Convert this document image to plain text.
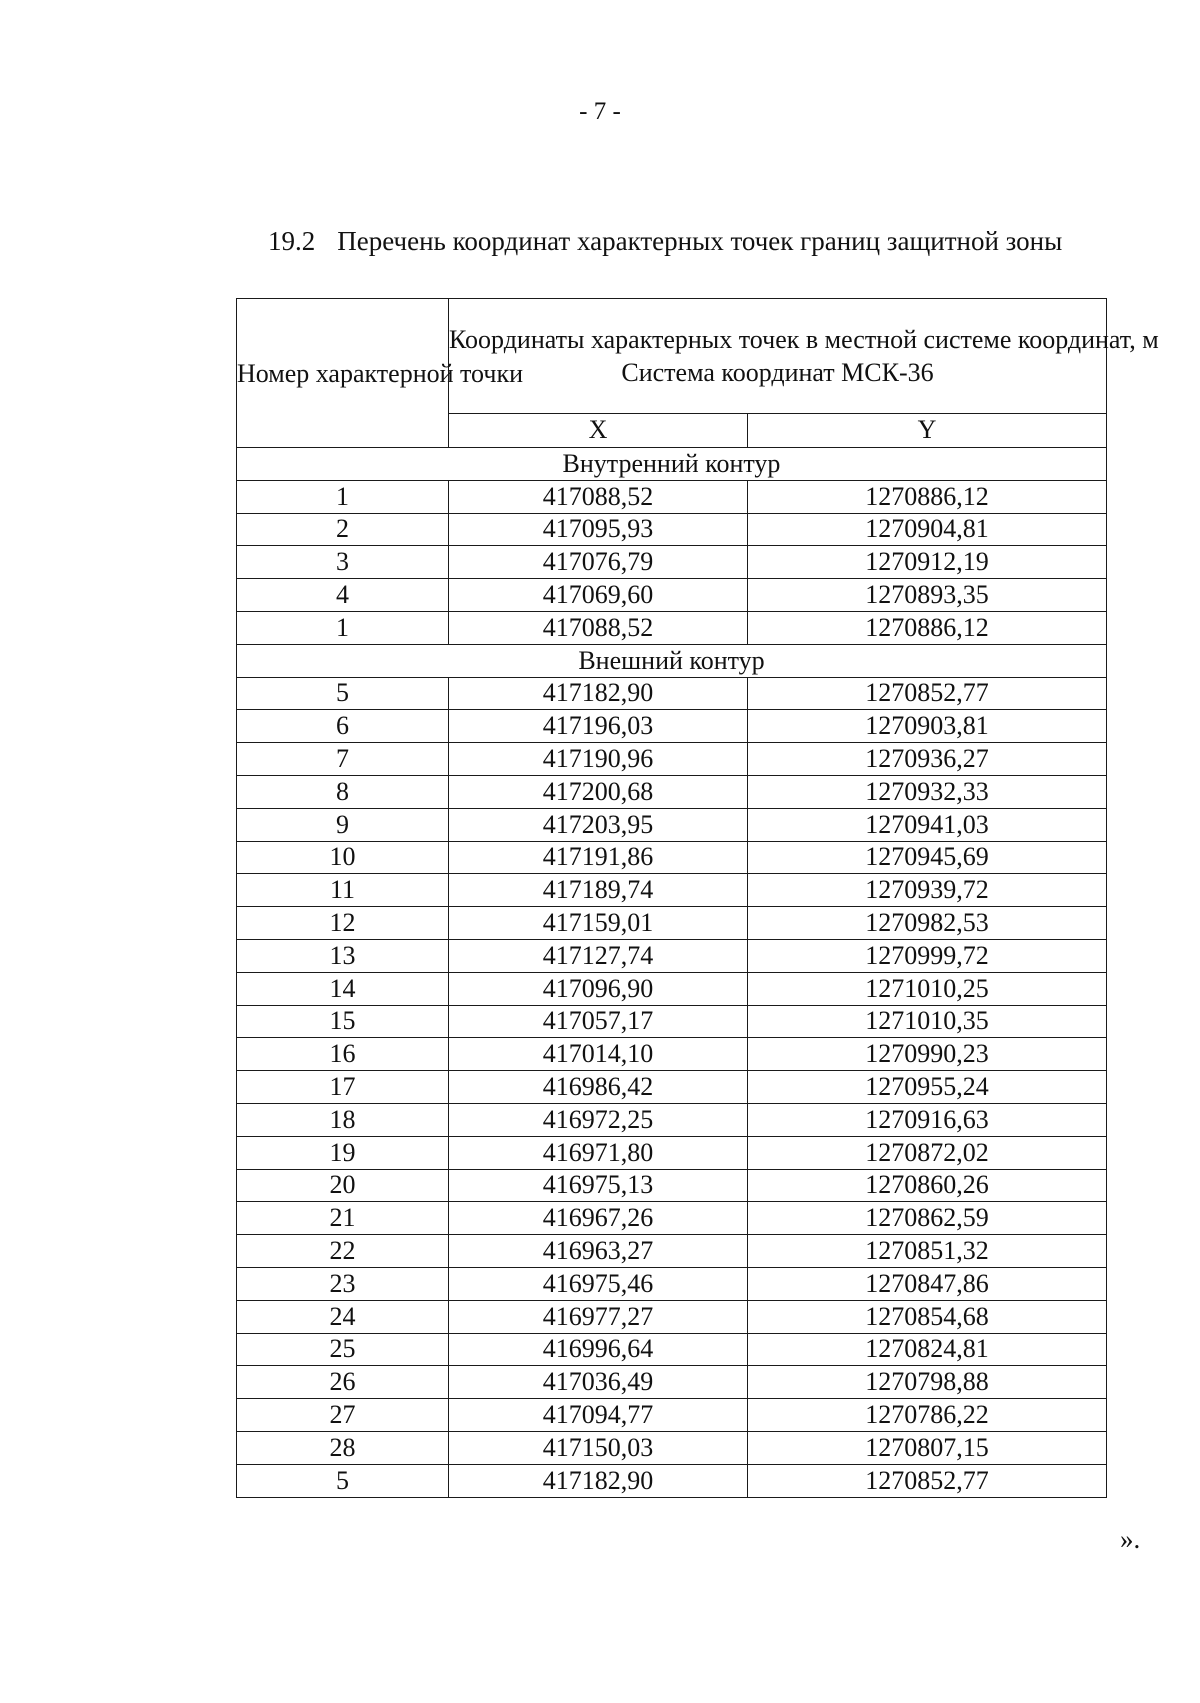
- 7 -
19.2 Перечень координат характерных точек границ защитной зоны
Номер характерной точки	Координаты характерных точек в местной системе координат, м
Система координат МСК-36	

	X	Y
Внутренний контур		
1	417088,52	1270886,12
2	417095,93	1270904,81
3	417076,79	1270912,19
4	417069,60	1270893,35
1	417088,52	1270886,12
Внешний контур		
5	417182,90	1270852,77
6	417196,03	1270903,81
7	417190,96	1270936,27
8	417200,68	1270932,33
9	417203,95	1270941,03
10	417191,86	1270945,69
11	417189,74	1270939,72
12	417159,01	1270982,53
13	417127,74	1270999,72
14	417096,90	1271010,25
15	417057,17	1271010,35
16	417014,10	1270990,23
17	416986,42	1270955,24
18	416972,25	1270916,63
19	416971,80	1270872,02
20	416975,13	1270860,26
21	416967,26	1270862,59
22	416963,27	1270851,32
23	416975,46	1270847,86
24	416977,27	1270854,68
25	416996,64	1270824,81
26	417036,49	1270798,88
27	417094,77	1270786,22
28	417150,03	1270807,15
5	417182,90	1270852,77
».
